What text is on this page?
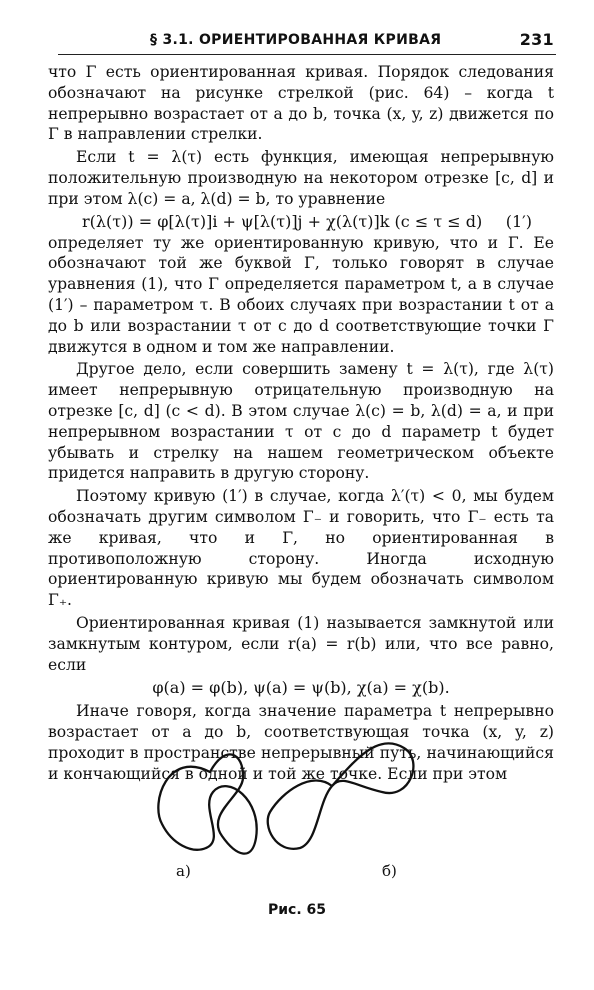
§ 3.1. ОРИЕНТИРОВАННАЯ КРИВАЯ	231

что Γ есть ориентированная кривая. Порядок следования обозначают на рисунке стрелкой (рис. 64) – когда t непрерывно возрастает от a до b, точка (x, y, z) движется по Γ в направлении стрелки.

Если t = λ(τ) есть функция, имеющая непрерывную положительную производную на некотором отрезке [c, d] и при этом λ(c) = a, λ(d) = b, то уравнение

r(λ(τ)) = φ[λ(τ)]i + ψ[λ(τ)]j + χ(λ(τ)]k (c ≤ τ ≤ d) (1′)

определяет ту же ориентированную кривую, что и Γ. Ее обозначают той же буквой Γ, только говорят в случае уравнения (1), что Γ определяется параметром t, а в случае (1′) – параметром τ. В обоих случаях при возрастании t от a до b или возрастании τ от c до d соответствующие точки Γ движутся в одном и том же направлении.

Другое дело, если совершить замену t = λ(τ), где λ(τ) имеет непрерывную отрицательную производную на отрезке [c, d] (c < d). В этом случае λ(c) = b, λ(d) = a, и при непрерывном возрастании τ от c до d параметр t будет убывать и стрелку на нашем геометрическом объекте придется направить в другую сторону.

Поэтому кривую (1′) в случае, когда λ′(τ) < 0, мы будем обозначать другим символом Γ₋ и говорить, что Γ₋ есть та же кривая, что и Γ, но ориентированная в противоположную сторону. Иногда исходную ориентированную кривую мы будем обозначать символом Γ₊.

Ориентированная кривая (1) называется замкнутой или замкнутым контуром, если r(a) = r(b) или, что все равно, если

φ(a) = φ(b), ψ(a) = ψ(b), χ(a) = χ(b).

Иначе говоря, когда значение параметра t непрерывно возрастает от a до b, соответствующая точка (x, y, z) проходит в пространстве непрерывный путь, начинающийся и кончающийся в одной и той же точке. Если при этом

а)	б)
Рис. 65
